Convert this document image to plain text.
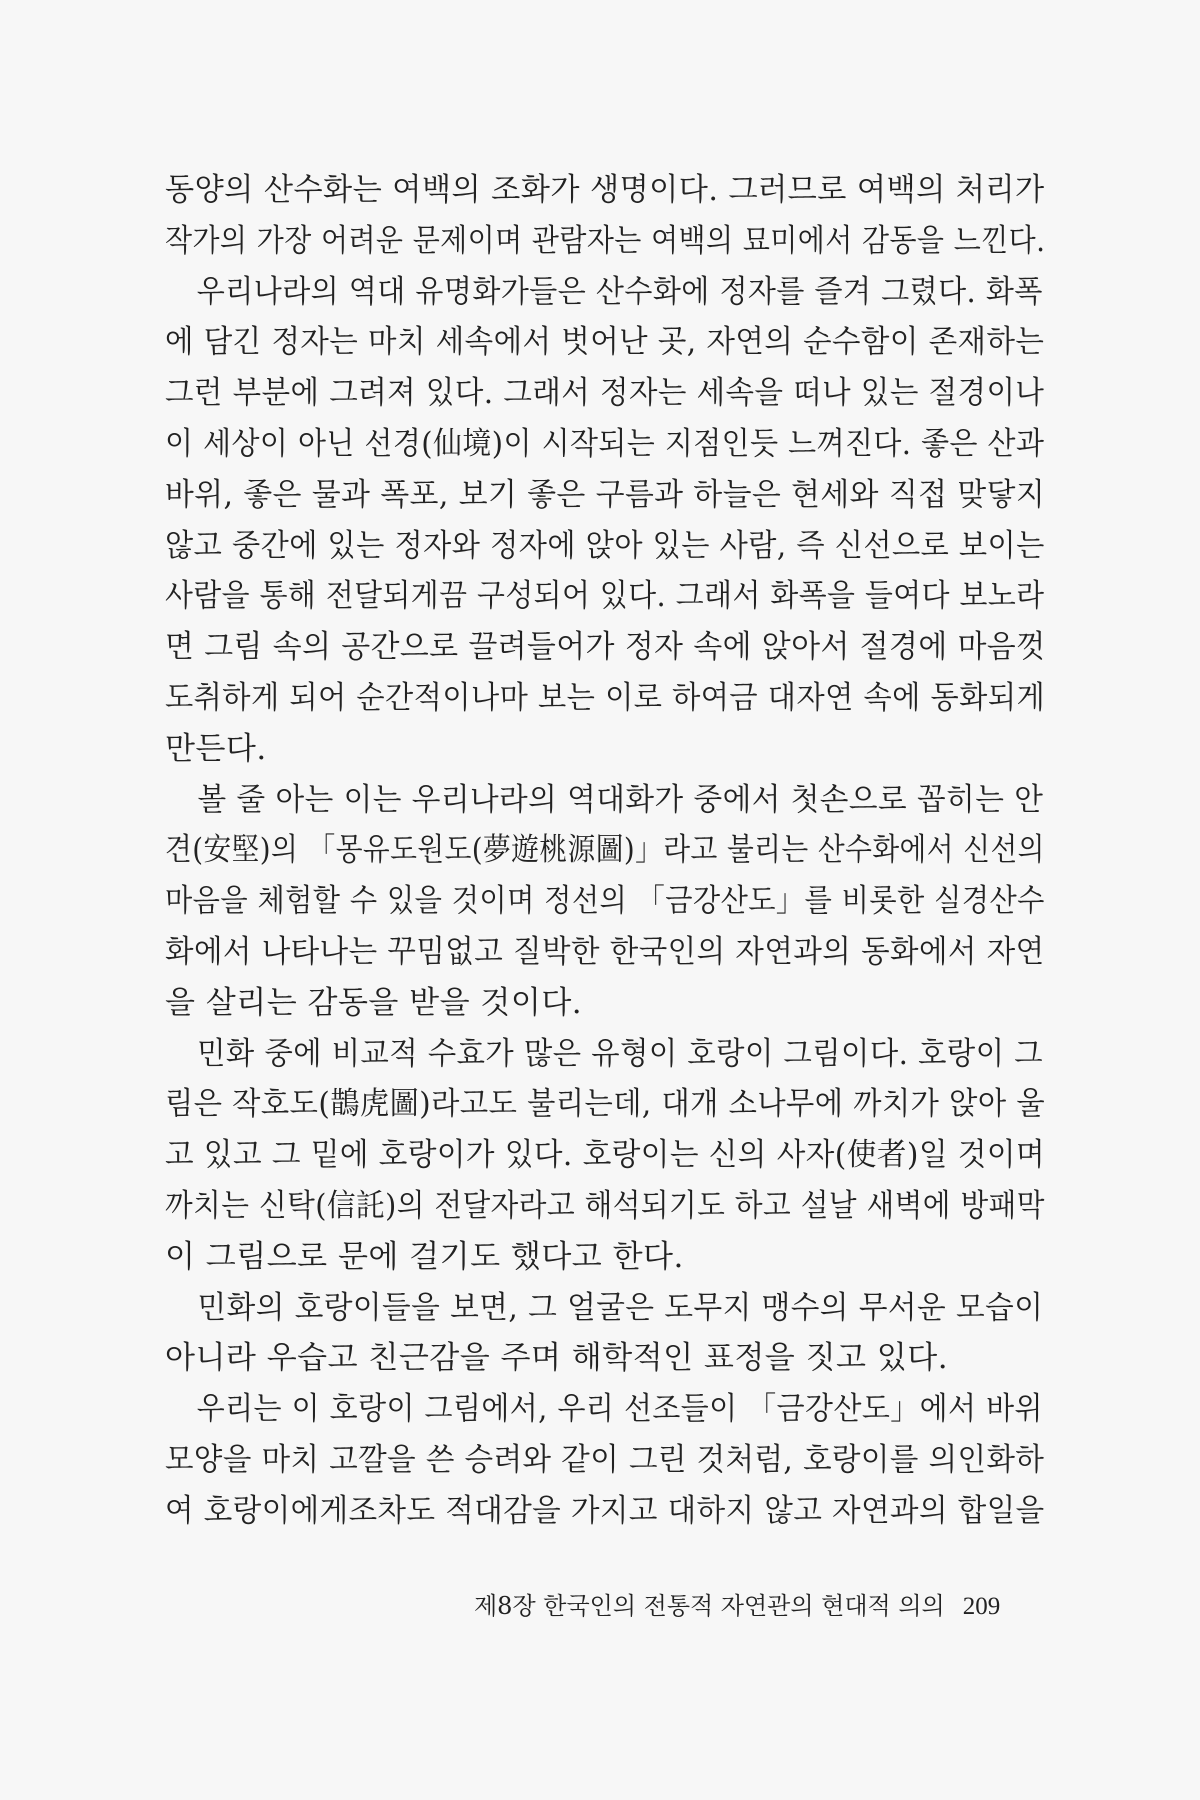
동양의 산수화는 여백의 조화가 생명이다. 그러므로 여백의 처리가
작가의 가장 어려운 문제이며 관람자는 여백의 묘미에서 감동을 느낀다.
우리나라의 역대 유명화가들은 산수화에 정자를 즐겨 그렸다. 화폭
에 담긴 정자는 마치 세속에서 벗어난 곳, 자연의 순수함이 존재하는
그런 부분에 그려져 있다. 그래서 정자는 세속을 떠나 있는 절경이나
이 세상이 아닌 선경(仙境)이 시작되는 지점인듯 느껴진다. 좋은 산과
바위, 좋은 물과 폭포, 보기 좋은 구름과 하늘은 현세와 직접 맞닿지
않고 중간에 있는 정자와 정자에 앉아 있는 사람, 즉 신선으로 보이는
사람을 통해 전달되게끔 구성되어 있다. 그래서 화폭을 들여다 보노라
면 그림 속의 공간으로 끌려들어가 정자 속에 앉아서 절경에 마음껏
도취하게 되어 순간적이나마 보는 이로 하여금 대자연 속에 동화되게
만든다.
볼 줄 아는 이는 우리나라의 역대화가 중에서 첫손으로 꼽히는 안
견(安堅)의 「몽유도원도(夢遊桃源圖)」라고 불리는 산수화에서 신선의
마음을 체험할 수 있을 것이며 정선의 「금강산도」를 비롯한 실경산수
화에서 나타나는 꾸밈없고 질박한 한국인의 자연과의 동화에서 자연
을 살리는 감동을 받을 것이다.
민화 중에 비교적 수효가 많은 유형이 호랑이 그림이다. 호랑이 그
림은 작호도(鵲虎圖)라고도 불리는데, 대개 소나무에 까치가 앉아 울
고 있고 그 밑에 호랑이가 있다. 호랑이는 신의 사자(使者)일 것이며
까치는 신탁(信託)의 전달자라고 해석되기도 하고 설날 새벽에 방패막
이 그림으로 문에 걸기도 했다고 한다.
민화의 호랑이들을 보면, 그 얼굴은 도무지 맹수의 무서운 모습이
아니라 우습고 친근감을 주며 해학적인 표정을 짓고 있다.
우리는 이 호랑이 그림에서, 우리 선조들이 「금강산도」에서 바위
모양을 마치 고깔을 쓴 승려와 같이 그린 것처럼, 호랑이를 의인화하
여 호랑이에게조차도 적대감을 가지고 대하지 않고 자연과의 합일을
제8장 한국인의 전통적 자연관의 현대적 의의 209
